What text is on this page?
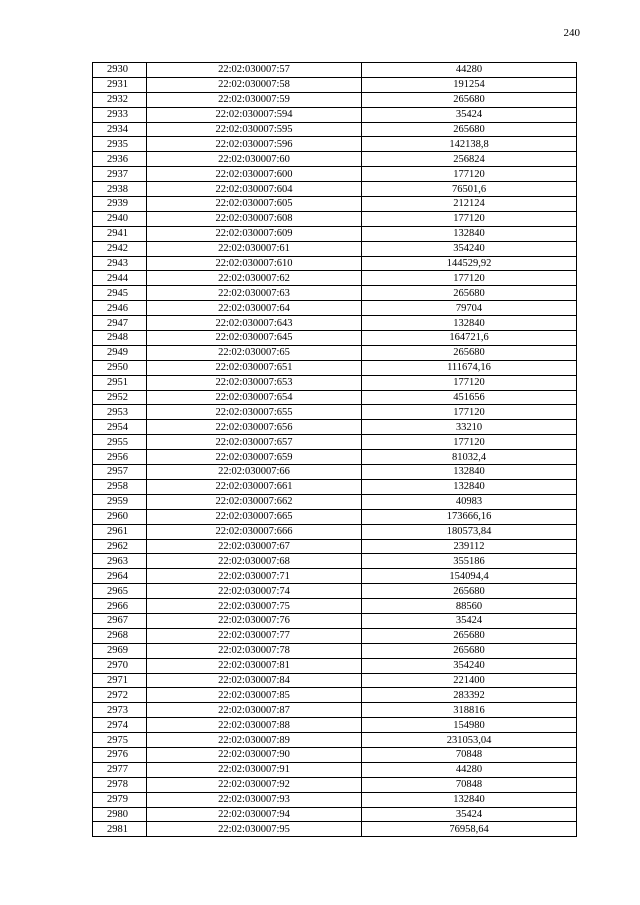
240
2930	22:02:030007:57	44280
2931	22:02:030007:58	191254
2932	22:02:030007:59	265680
2933	22:02:030007:594	35424
2934	22:02:030007:595	265680
2935	22:02:030007:596	142138,8
2936	22:02:030007:60	256824
2937	22:02:030007:600	177120
2938	22:02:030007:604	76501,6
2939	22:02:030007:605	212124
2940	22:02:030007:608	177120
2941	22:02:030007:609	132840
2942	22:02:030007:61	354240
2943	22:02:030007:610	144529,92
2944	22:02:030007:62	177120
2945	22:02:030007:63	265680
2946	22:02:030007:64	79704
2947	22:02:030007:643	132840
2948	22:02:030007:645	164721,6
2949	22:02:030007:65	265680
2950	22:02:030007:651	111674,16
2951	22:02:030007:653	177120
2952	22:02:030007:654	451656
2953	22:02:030007:655	177120
2954	22:02:030007:656	33210
2955	22:02:030007:657	177120
2956	22:02:030007:659	81032,4
2957	22:02:030007:66	132840
2958	22:02:030007:661	132840
2959	22:02:030007:662	40983
2960	22:02:030007:665	173666,16
2961	22:02:030007:666	180573,84
2962	22:02:030007:67	239112
2963	22:02:030007:68	355186
2964	22:02:030007:71	154094,4
2965	22:02:030007:74	265680
2966	22:02:030007:75	88560
2967	22:02:030007:76	35424
2968	22:02:030007:77	265680
2969	22:02:030007:78	265680
2970	22:02:030007:81	354240
2971	22:02:030007:84	221400
2972	22:02:030007:85	283392
2973	22:02:030007:87	318816
2974	22:02:030007:88	154980
2975	22:02:030007:89	231053,04
2976	22:02:030007:90	70848
2977	22:02:030007:91	44280
2978	22:02:030007:92	70848
2979	22:02:030007:93	132840
2980	22:02:030007:94	35424
2981	22:02:030007:95	76958,64
